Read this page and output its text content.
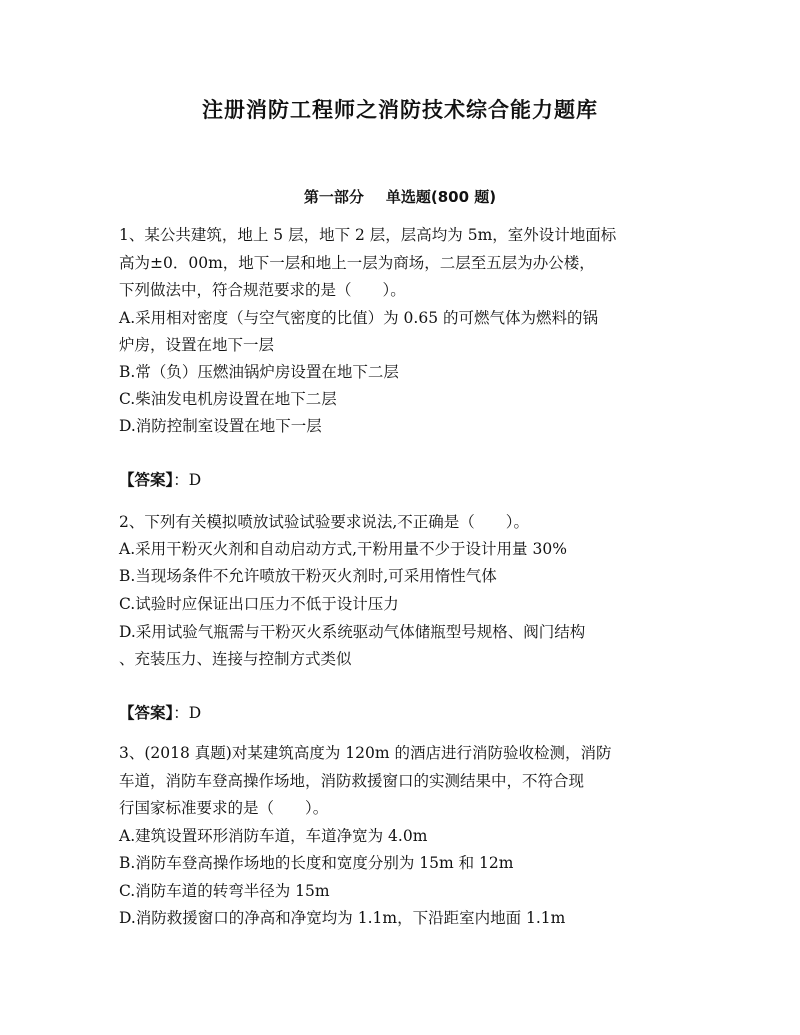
注册消防工程师之消防技术综合能力题库
第一部分 单选题(800 题)

1、某公共建筑，地上 5 层，地下 2 层，层高均为 5m，室外设计地面标

高为±0．00m，地下一层和地上一层为商场，二层至五层为办公楼，

下列做法中，符合规范要求的是（　　）。

A.采用相对密度（与空气密度的比值）为 0.65 的可燃气体为燃料的锅

炉房，设置在地下一层

B.常（负）压燃油锅炉房设置在地下二层

C.柴油发电机房设置在地下二层

D.消防控制室设置在地下一层

【答案】：D

2、下列有关模拟喷放试验试验要求说法,不正确是（　　）。

A.采用干粉灭火剂和自动启动方式,干粉用量不少于设计用量 30%

B.当现场条件不允许喷放干粉灭火剂时,可采用惰性气体

C.试验时应保证出口压力不低于设计压力

D.采用试验气瓶需与干粉灭火系统驱动气体储瓶型号规格、阀门结构

、充装压力、连接与控制方式类似

【答案】：D

3、(2018 真题)对某建筑高度为 120m 的酒店进行消防验收检测，消防

车道，消防车登高操作场地，消防救援窗口的实测结果中，不符合现

行国家标准要求的是（　　）。

A.建筑设置环形消防车道，车道净宽为 4.0m

B.消防车登高操作场地的长度和宽度分别为 15m 和 12m

C.消防车道的转弯半径为 15m

D.消防救援窗口的净高和净宽均为 1.1m，下沿距室内地面 1.1m
